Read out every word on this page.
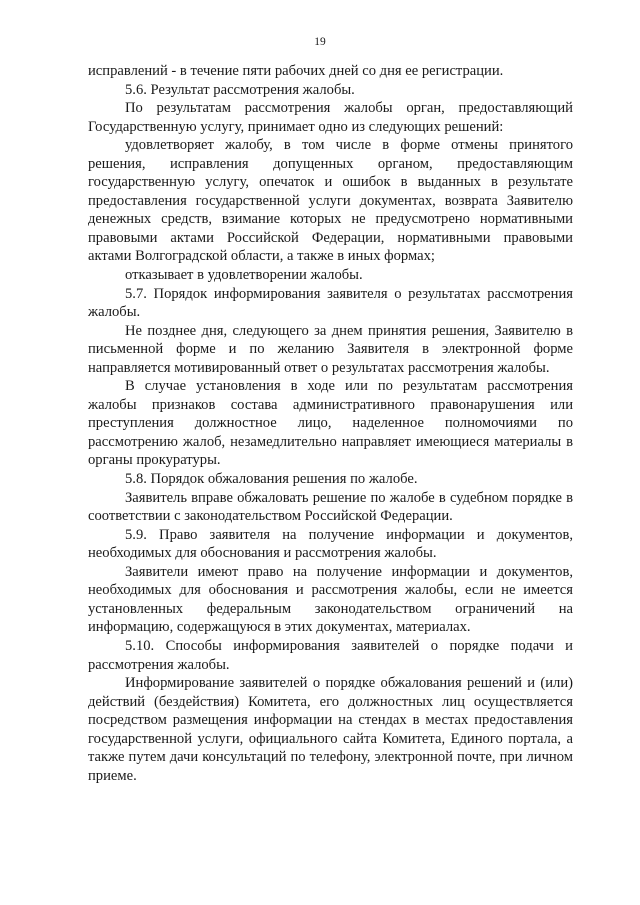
19

исправлений - в течение пяти рабочих дней со дня ее регистрации.

5.6. Результат рассмотрения жалобы.

По результатам рассмотрения жалобы орган, предоставляющий Государственную услугу, принимает одно из следующих решений:

удовлетворяет жалобу, в том числе в форме отмены принятого решения, исправления допущенных органом, предоставляющим государственную услугу, опечаток и ошибок в выданных в результате предоставления государственной услуги документах, возврата Заявителю денежных средств, взимание которых не предусмотрено нормативными правовыми актами Российской Федерации, нормативными правовыми актами Волгоградской области, а также в иных формах;

отказывает в удовлетворении жалобы.

5.7. Порядок информирования заявителя о результатах рассмотрения жалобы.

Не позднее дня, следующего за днем принятия решения, Заявителю в письменной форме и по желанию Заявителя в электронной форме направляется мотивированный ответ о результатах рассмотрения жалобы.

В случае установления в ходе или по результатам рассмотрения жалобы признаков состава административного правонарушения или преступления должностное лицо, наделенное полномочиями по рассмотрению жалоб, незамедлительно направляет имеющиеся материалы в органы прокуратуры.

5.8. Порядок обжалования решения по жалобе.

Заявитель вправе обжаловать решение по жалобе в судебном порядке в соответствии с законодательством Российской Федерации.

5.9. Право заявителя на получение информации и документов, необходимых для обоснования и рассмотрения жалобы.

Заявители имеют право на получение информации и документов, необходимых для обоснования и рассмотрения жалобы, если не имеется установленных федеральным законодательством ограничений на информацию, содержащуюся в этих документах, материалах.

5.10. Способы информирования заявителей о порядке подачи и рассмотрения жалобы.

Информирование заявителей о порядке обжалования решений и (или) действий (бездействия) Комитета, его должностных лиц осуществляется посредством размещения информации на стендах в местах предоставления государственной услуги, официального сайта Комитета, Единого портала, а также путем дачи консультаций по телефону, электронной почте, при личном приеме.
